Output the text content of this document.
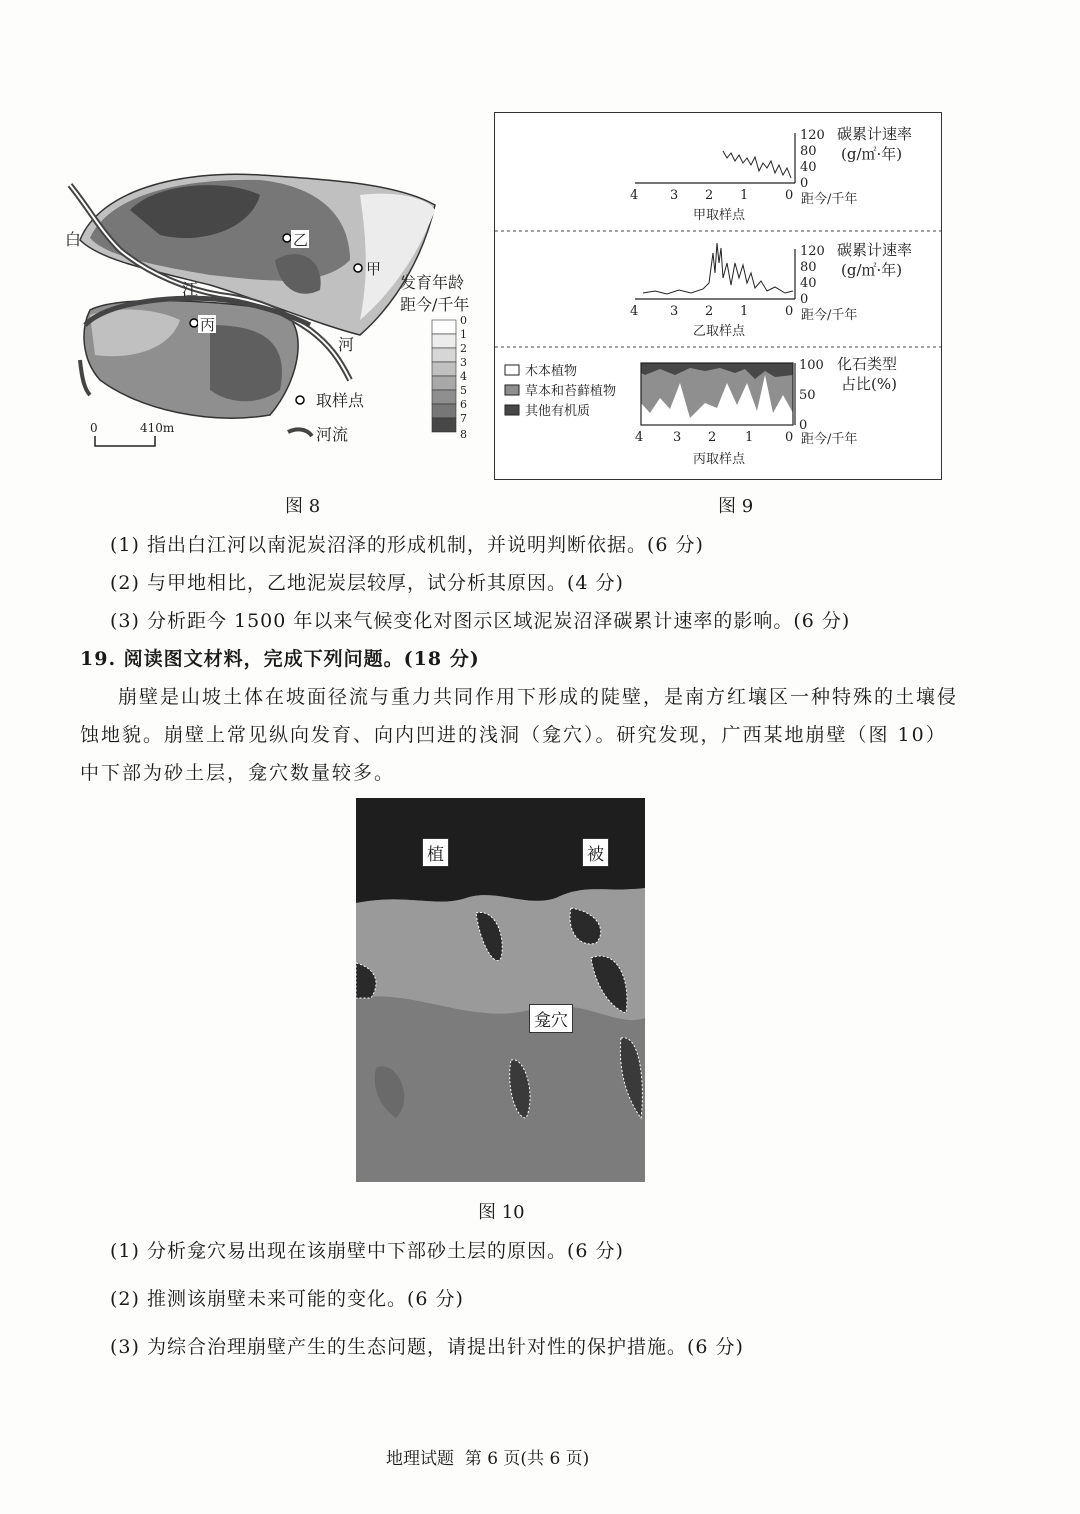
白
江
河
甲
乙
丙
发育年龄
距今/千年
0
1
2
3
4
5
6
7
8
取样点
河流
0	410m
图 8
4 3 2 1	0
120
80
40
0
碳累计速率
(g/㎡·年)
距今/千年
甲取样点
4 3 2 1	0
120
80
40
0
碳累计速率
(g/㎡·年)
距今/千年
乙取样点
4 3 2 1 0
100
50
0
化石类型
占比(%)
距今/千年
丙取样点
木本植物
草本和苔藓植物
其他有机质
图 9
(1) 指出白江河以南泥炭沼泽的形成机制，并说明判断依据。(6 分)
(2) 与甲地相比，乙地泥炭层较厚，试分析其原因。(4 分)
(3) 分析距今 1500 年以来气候变化对图示区域泥炭沼泽碳累计速率的影响。(6 分)
19. 阅读图文材料，完成下列问题。(18 分)
崩壁是山坡土体在坡面径流与重力共同作用下形成的陡壁，是南方红壤区一种特殊的土壤侵蚀地貌。崩壁上常见纵向发育、向内凹进的浅洞（龛穴）。研究发现，广西某地崩壁（图 10）中下部为砂土层，龛穴数量较多。
植	被
龛穴
图 10
(1) 分析龛穴易出现在该崩壁中下部砂土层的原因。(6 分)
(2) 推测该崩壁未来可能的变化。(6 分)
(3) 为综合治理崩壁产生的生态问题，请提出针对性的保护措施。(6 分)
地理试题  第 6 页(共 6 页)
